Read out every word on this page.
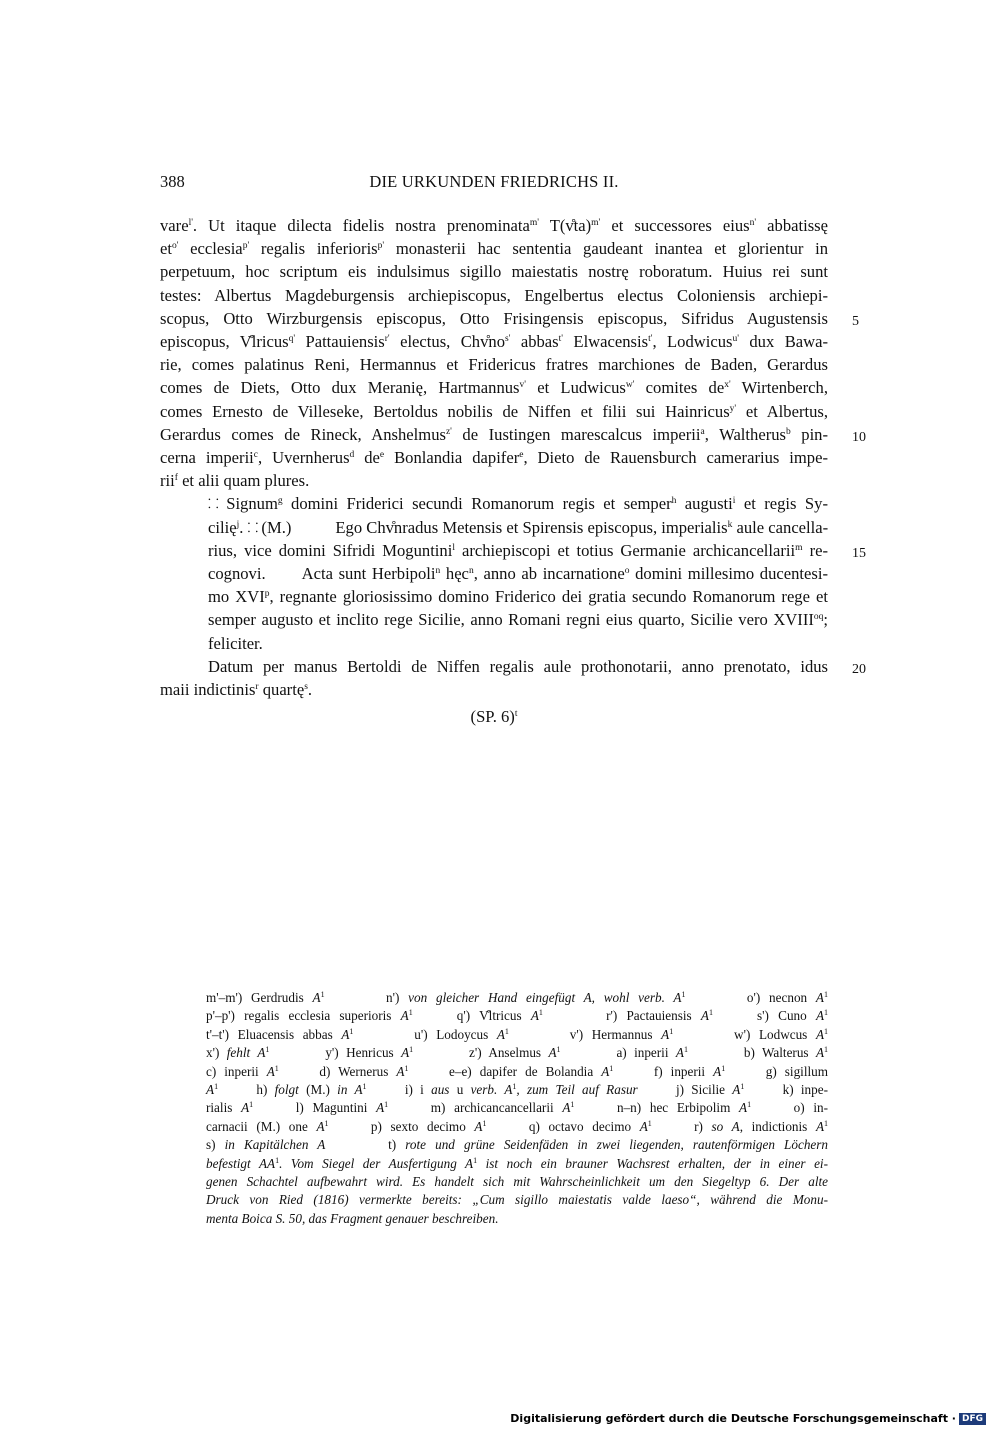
388	DIE URKUNDEN FRIEDRICHS II.

vare$^{l'}$. Ut itaque dilecta fidelis nostra prenominata$^{m'}$ T(v̊ta)$^{m'}$ et successores eius$^{n'}$ abbatissę
$et^{o'}$ ecclesia$^{p'}$ regalis inferioris$^{p'}$ monasterii hac sententia gaudeant inantea et glorientur in
perpetuum, hoc scriptum eis indulsimus sigillo maiestatis nostrę roboratum. Huius rei sunt
testes: Albertus Magdeburgensis archiepiscopus, Engelbertus electus Coloniensis archiepi-
scopus, Otto Wirzburgensis episcopus, Otto Frisingensis episcopus, Sifridus Augustensis
episcopus, V̊lricus$^{q'}$ Pattauiensis$^{r'}$ electus, $Chv̊no^{s'}$ abbas$^{t'}$ Elwacensis$^{t'}$, Lodwicus$^{u'}$ dux Bawa-
rie, comes palatinus Reni, Hermannus et Fridericus fratres marchiones de Baden, Gerardus
comes de Diets, Otto dux Meranię, Hartmannus$^{v'}$ et Ludwicus$^{w'}$ comites $de^{x'}$ Wirtenberch,
comes Ernesto de Villeseke, Bertoldus nobilis de Niffen et filii sui Hainricus$^{y'}$ et Albertus,
Gerardus comes de Rineck, Anshelmus$^{z'}$ de Iustingen marescalcus imperii$^a$, Waltherus$^b$ pin-
cerna imperii$^c$, Uvernherus$^d$ $de^e$ Bonlandia dapifer$^e$, Dieto de Rauensburch camerarius impe-
rii$^f$ et alii quam plures.

⸬ Signum$^g$ domini Friderici secundi Romanorum regis et semper$^h$ augusti$^i$ et regis Sy-
cilię$^j$. ⸬ (M.)	Ego Chv̊nradus Metensis et Spirensis episcopus, imperialis$^k$ aule cancella-
rius, vice domini Sifridi Moguntini$^l$ archiepiscopi et totius Germanie archicancellarii$^m$ re-
cognovi. Acta sunt Herbipoli$^n$ hęc$^n$, anno ab incarnatione$^o$ domini millesimo ducentesi-
mo XVI$^p$, regnante gloriosissimo domino Friderico dei gratia secundo Romanorum rege et
semper augusto et inclito rege Sicilie, anno Romani regni eius quarto, Sicilie vero $XVIII^{oq}$;
feliciter.

Datum per manus Bertoldi de Niffen regalis aule prothonotarii, anno prenotato, idus
maii indictinis$^r$ quartę$^s$.

5
10
15
20
(SP. 6)$^t$
m'–m') Gerdrudis $A^1$　　　n') von gleicher Hand eingefügt A, wohl verb. $A^1$　　　o') necnon $A^1$
p'–p') regalis ecclesia superioris $A^1$　　q') V̊ltricus $A^1$　　　r') Pactauiensis $A^1$　　s') Cuno $A^1$
t'–t') Eluacensis abbas $A^1$　　　u') Lodoycus $A^1$　　　v') Hermannus $A^1$　　　w') Lodwcus $A^1$
x') fehlt $A^1$　　　y') Henricus $A^1$　　　z') Anselmus $A^1$　　　a) inperii $A^1$　　　b) Walterus $A^1$
c) inperii $A^1$　　d) Wernerus $A^1$　　e–e) dapifer de Bolandia $A^1$　　f) inperii $A^1$　　g) sigillum
$A^1$　　h) folgt (M.) in $A^1$　　i) i aus u verb. $A^1$, zum Teil auf Rasur　　j) Sicilie $A^1$　　k) inpe-
rialis $A^1$　　l) Maguntini $A^1$　　m) archicancancellarii $A^1$　　n–n) hec Erbipolim $A^1$　　o) in-
carnacii (M.) one $A^1$　　p) sexto decimo $A^1$　　q) octavo decimo $A^1$　　r) so A, indictionis $A^1$
s) in Kapitälchen A　　　t) rote und grüne Seidenfäden in zwei liegenden, rautenförmigen Löchern
befestigt $AA^1$. Vom Siegel der Ausfertigung $A^1$ ist noch ein brauner Wachsrest erhalten, der in einer ei-
genen Schachtel aufbewahrt wird. Es handelt sich mit Wahrscheinlichkeit um den Siegeltyp 6. Der alte
Druck von Ried (1816) vermerkte bereits: „Cum sigillo maiestatis valde laeso“, während die Monu-
menta Boica S. 50, das Fragment genauer beschreiben.
Digitalisierung gefördert durch die Deutsche Forschungsgemeinschaft · DFG
